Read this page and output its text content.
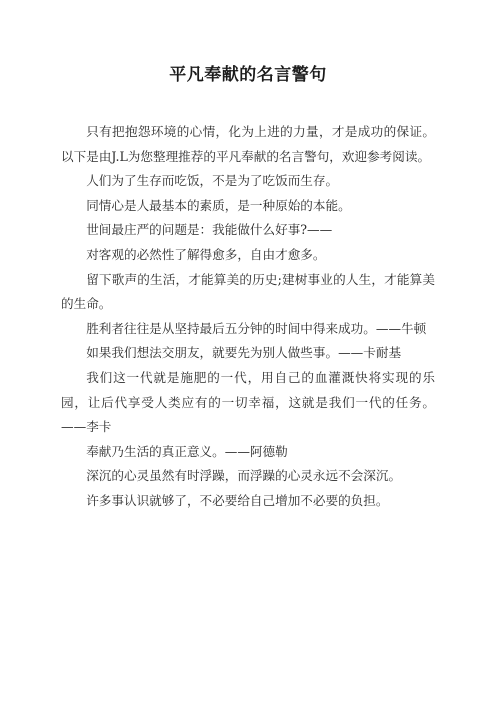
平凡奉献的名言警句

只有把抱怨环境的心情，化为上进的力量，才是成功的保证。以下是由J.L为您整理推荐的平凡奉献的名言警句，欢迎参考阅读。

人们为了生存而吃饭，不是为了吃饭而生存。

同情心是人最基本的素质，是一种原始的本能。

世间最庄严的问题是：我能做什么好事?——

对客观的必然性了解得愈多，自由才愈多。

留下歌声的生活，才能算美的历史;建树事业的人生，才能算美的生命。

胜利者往往是从坚持最后五分钟的时间中得来成功。——牛顿

如果我们想法交朋友，就要先为别人做些事。——卡耐基

我们这一代就是施肥的一代，用自己的血灌溉快将实现的乐园，让后代享受人类应有的一切幸福，这就是我们一代的任务。——李卡

奉献乃生活的真正意义。——阿德勒

深沉的心灵虽然有时浮躁，而浮躁的心灵永远不会深沉。

许多事认识就够了，不必要给自己增加不必要的负担。
